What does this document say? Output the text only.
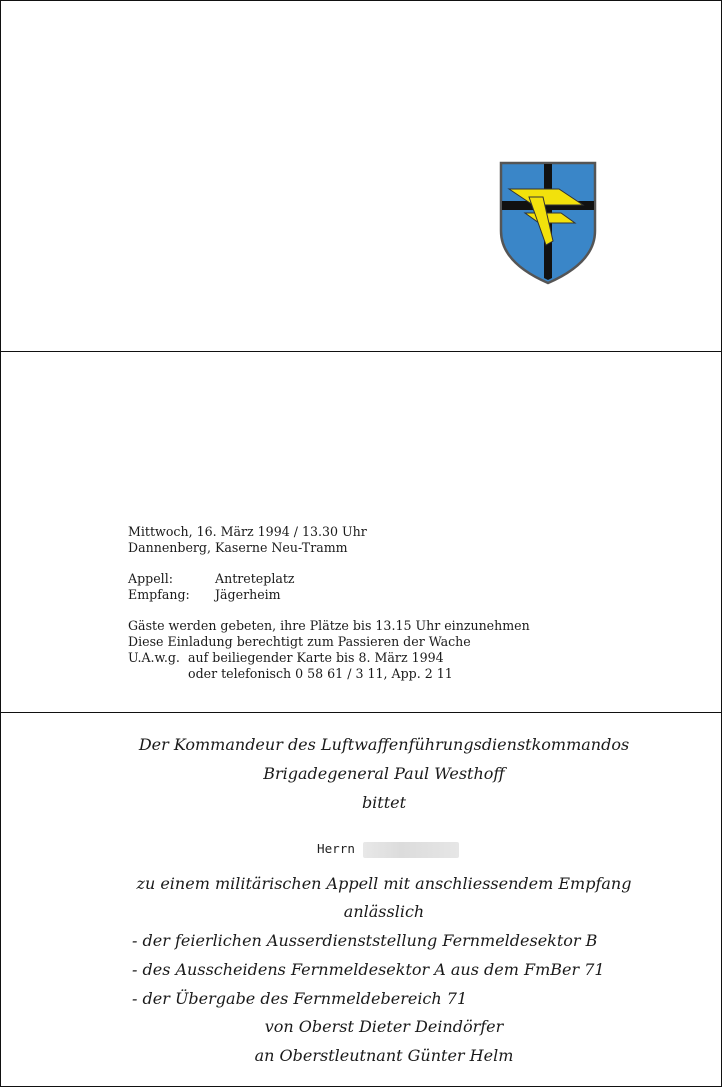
Mittwoch, 16. März 1994 / 13.30 Uhr
Dannenberg, Kaserne Neu-Tramm
Appell:	Antreteplatz
Empfang: Jägerheim
Gäste werden gebeten, ihre Plätze bis 13.15 Uhr einzunehmen
Diese Einladung berechtigt zum Passieren der Wache
U.A.w.g. auf beiliegender Karte bis 8. März 1994
oder telefonisch 0 58 61 / 3 11, App. 2 11
Der Kommandeur des Luftwaffenführungsdienstkommandos
Brigadegeneral Paul Westhoff
bittet
Herrn
zu einem militärischen Appell mit anschliessendem Empfang
anlässlich
- der feierlichen Ausserdienststellung Fernmeldesektor B
- des Ausscheidens Fernmeldesektor A aus dem FmBer 71
- der Übergabe des Fernmeldebereich 71
von Oberst Dieter Deindörfer
an Oberstleutnant Günter Helm
